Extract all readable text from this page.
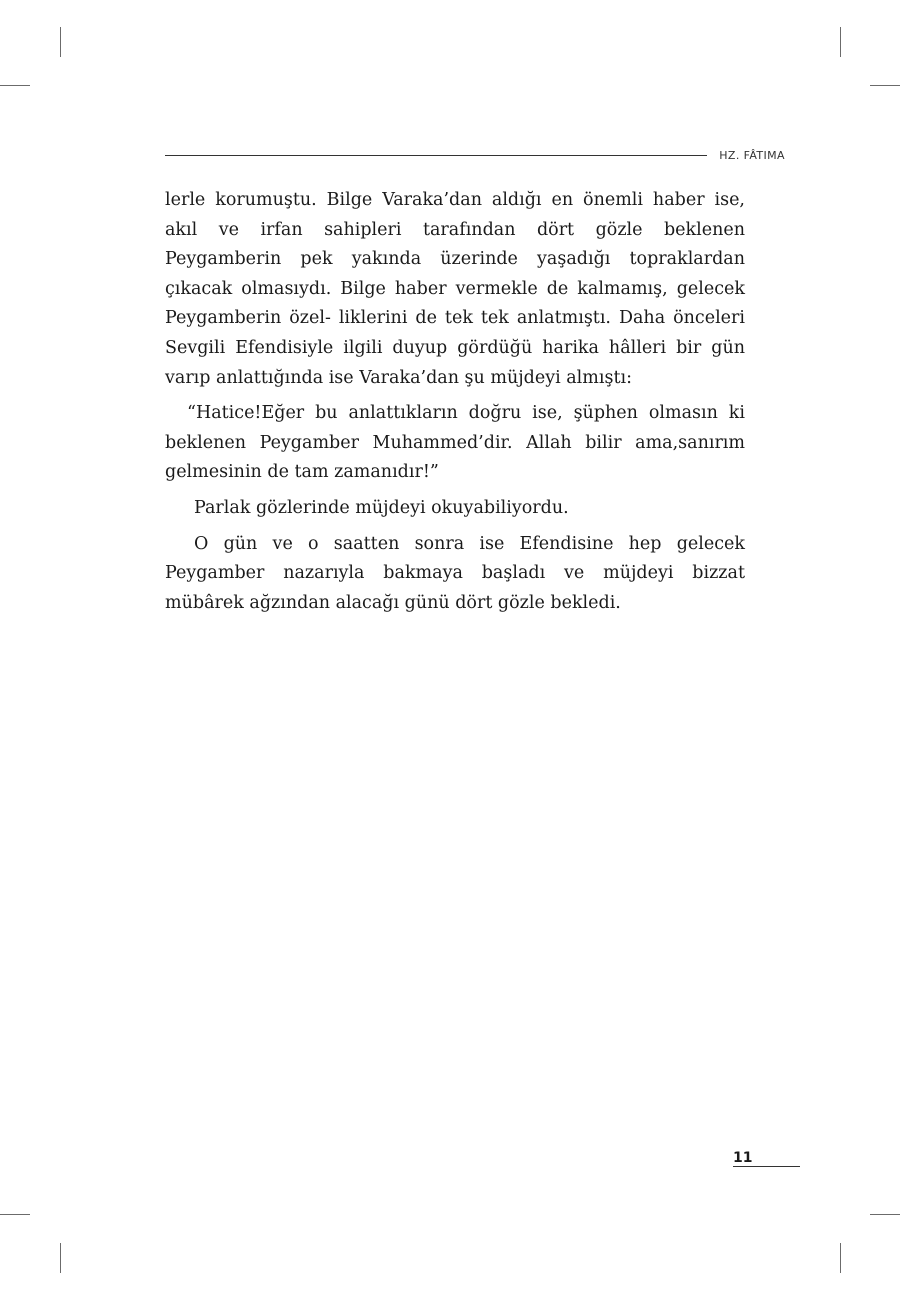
HZ. FÂTIMA

lerle korumuştu. Bilge Varaka’dan aldığı en önemli haber ise, akıl ve irfan sahipleri tarafından dört gözle beklenen Peygamberin pek yakında üzerinde yaşadığı topraklardan çıkacak olmasıydı. Bilge haber vermekle de kalmamış, gelecek Peygamberin özel- liklerini de tek tek anlatmıştı. Daha önceleri Sevgili Efendisiyle ilgili duyup gördüğü harika hâlleri bir gün varıp anlattığında ise Varaka’dan şu müjdeyi almıştı:

“Hatice!Eğer bu anlattıkların doğru ise, şüphen olmasın ki beklenen Peygamber Muhammed’dir. Allah bilir ama,sanırım gelmesinin de tam zamanıdır!”

Parlak gözlerinde müjdeyi okuyabiliyordu.

O gün ve o saatten sonra ise Efendisine hep gelecek Peygamber nazarıyla bakmaya başladı ve müjdeyi bizzat mübârek ağzından alacağı günü dört gözle bekledi.

11
